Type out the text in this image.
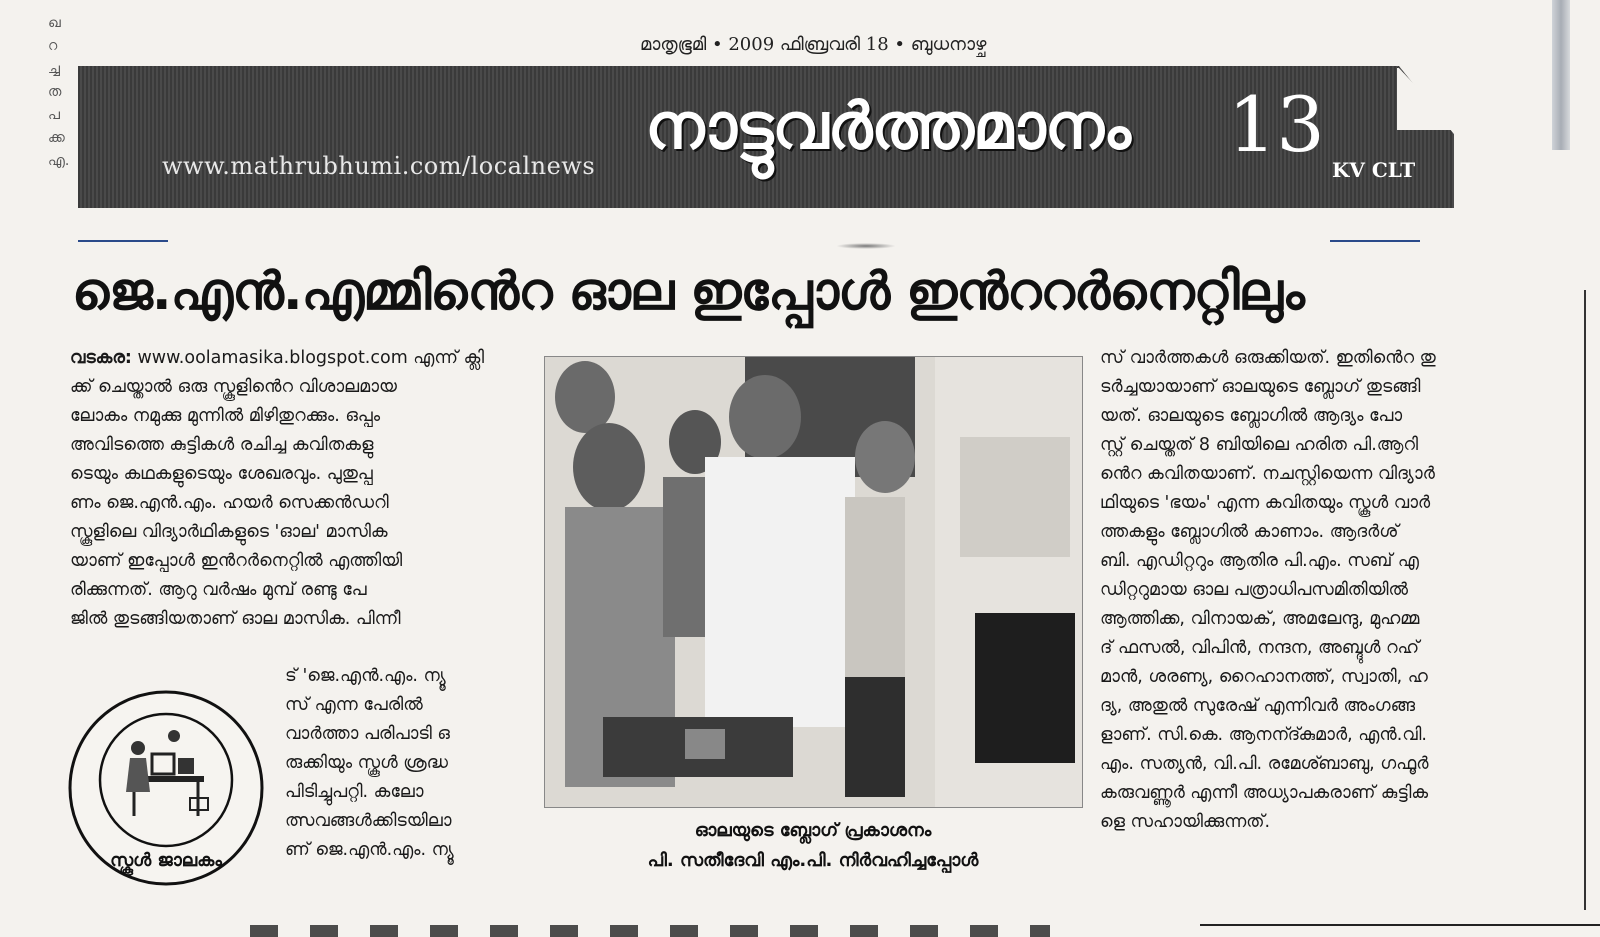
ഖ
റ
ച്ച
ത
പ
ക്ക
എ.
മാതൃഭൂമി • 2009 ഫിബ്രവരി 18 • ബുധനാഴ്ച
www.mathrubhumi.com/localnews
നാട്ടുവർത്തമാനം 13
KV CLT
ജെ.എൻ.എമ്മിൻെറ ഓല ഇപ്പോൾ ഇൻററർനെറ്റിലും

വടകര: www.oolamasika.blogspot.com എന്ന് ക്ലി

ക്ക് ചെയ്താൽ ഒരു സ്കൂളിൻെറ വിശാലമായ

ലോകം നമുക്കു മുന്നിൽ മിഴിതുറക്കും. ഒപ്പം

അവിടത്തെ കുട്ടികൾ രചിച്ച കവിതകളു

ടെയും കഥകളുടെയും ശേഖരവും. പുതുപ്പ

ണം ജെ.എൻ.എം. ഹയർ സെക്കൻഡറി

സ്കൂളിലെ വിദ്യാർഥികളുടെ 'ഓല' മാസിക

യാണ് ഇപ്പോൾ ഇൻറർനെറ്റിൽ എത്തിയി

രിക്കുന്നത്. ആറു വർഷം മുമ്പ് രണ്ടു പേ

ജിൽ തുടങ്ങിയതാണ് ഓല മാസിക. പിന്നീ

ട് 'ജെ.എൻ.എം. ന്യൂ

സ് എന്ന പേരിൽ

വാർത്താ പരിപാടി ഒ

രുക്കിയും സ്കൂൾ ശ്രദ്ധ

പിടിച്ചുപറ്റി. കലോ

ത്സവങ്ങൾക്കിടയിലാ

ണ് ജെ.എൻ.എം. ന്യൂ

സ്കൂൾ ജാലകം
ഓലയുടെ ബ്ലോഗ് പ്രകാശനം
പി. സതീദേവി എം.പി. നിർവഹിച്ചപ്പോൾ

സ് വാർത്തകൾ ഒരുക്കിയത്. ഇതിൻെറ തു

ടർച്ചയായാണ് ഓലയുടെ ബ്ലോഗ് തുടങ്ങി

യത്. ഓലയുടെ ബ്ലോഗിൽ ആദ്യം പോ

സ്റ്റ് ചെയ്തത് 8 ബിയിലെ ഹരിത പി.ആറി

ൻെറ കവിതയാണ്. നചസ്റ്റിയെന്ന വിദ്യാർ

ഥിയുടെ 'ഭയം' എന്ന കവിതയും സ്കൂൾ വാർ

ത്തകളും ബ്ലോഗിൽ കാണാം. ആദർശ്

ബി. എഡിറ്ററും ആതിര പി.എം. സബ് എ

ഡിറ്ററുമായ ഓല പത്രാധിപസമിതിയിൽ

ആത്തിക്ക, വിനായക്, അമലേന്ദു, മുഹമ്മ

ദ് ഫസൽ, വിപിൻ, നന്ദന, അബ്ദുൾ റഹ്

മാൻ, ശരണ്യ, റൈഹാനത്ത്, സ്വാതി, ഹ

ദ്യ, അതുൽ സുരേഷ് എന്നിവർ അംഗങ്ങ

ളാണ്. സി.കെ. ആനന്ദ്കുമാർ, എൻ.വി.

എം. സത്യൻ, വി.പി. രമേശ്ബാബു, ഗഫൂർ

കരുവണ്ണൂർ എന്നീ അധ്യാപകരാണ് കുട്ടിക

ളെ സഹായിക്കുന്നത്.
